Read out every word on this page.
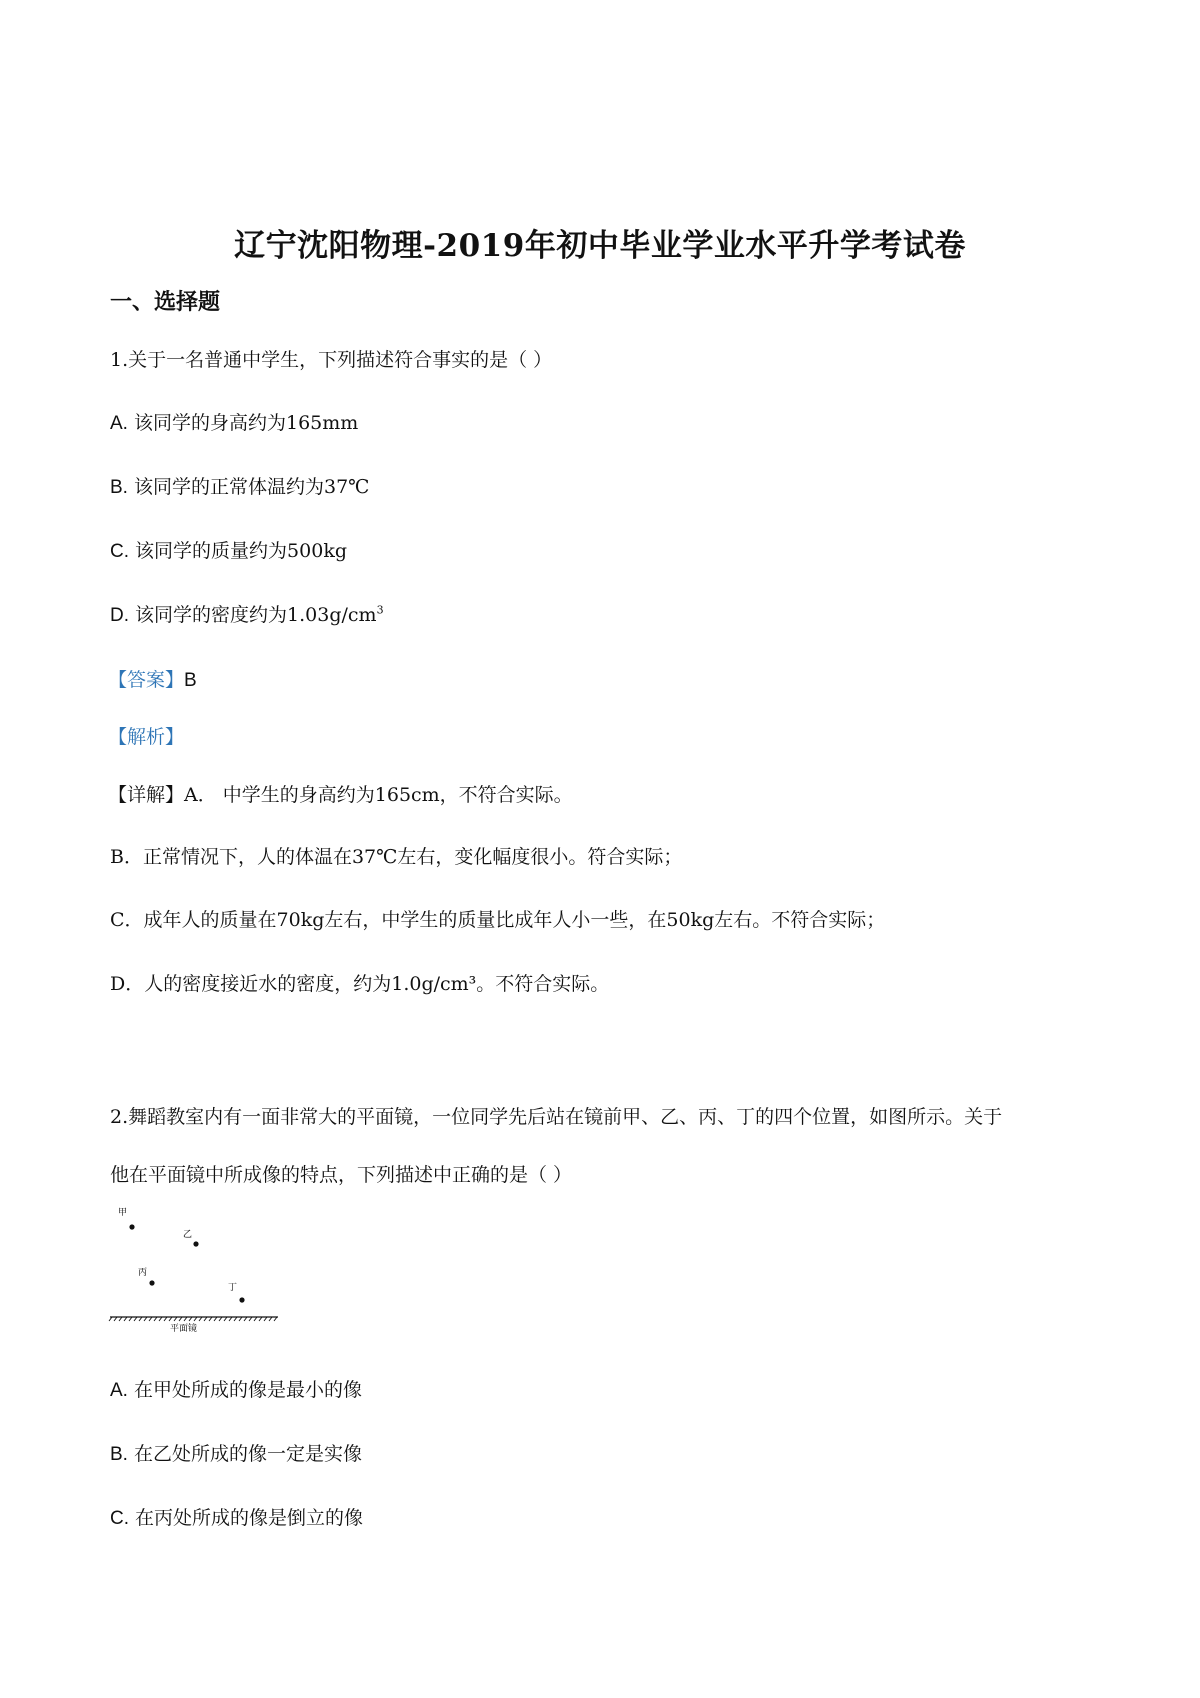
辽宁沈阳物理-2019年初中毕业学业水平升学考试卷
一、选择题
1.关于一名普通中学生，下列描述符合事实的是（ ）
A. 该同学的身高约为165mm
B. 该同学的正常体温约为37℃
C. 该同学的质量约为500kg
D. 该同学的密度约为$1.03g/cm^3$
【答案】B
【解析】
【详解】A． 中学生的身高约为165cm，不符合实际。
B．正常情况下，人的体温在37℃左右，变化幅度很小。符合实际；
C．成年人的质量在70kg左右，中学生的质量比成年人小一些，在50kg左右。不符合实际；
D．人的密度接近水的密度，约为1.0g/cm³。不符合实际。
2.舞蹈教室内有一面非常大的平面镜，一位同学先后站在镜前甲、乙、丙、丁的四个位置，如图所示。关于
他在平面镜中所成像的特点，下列描述中正确的是（ ）
甲
乙
丙
丁
平面镜
A. 在甲处所成的像是最小的像
B. 在乙处所成的像一定是实像
C. 在丙处所成的像是倒立的像
